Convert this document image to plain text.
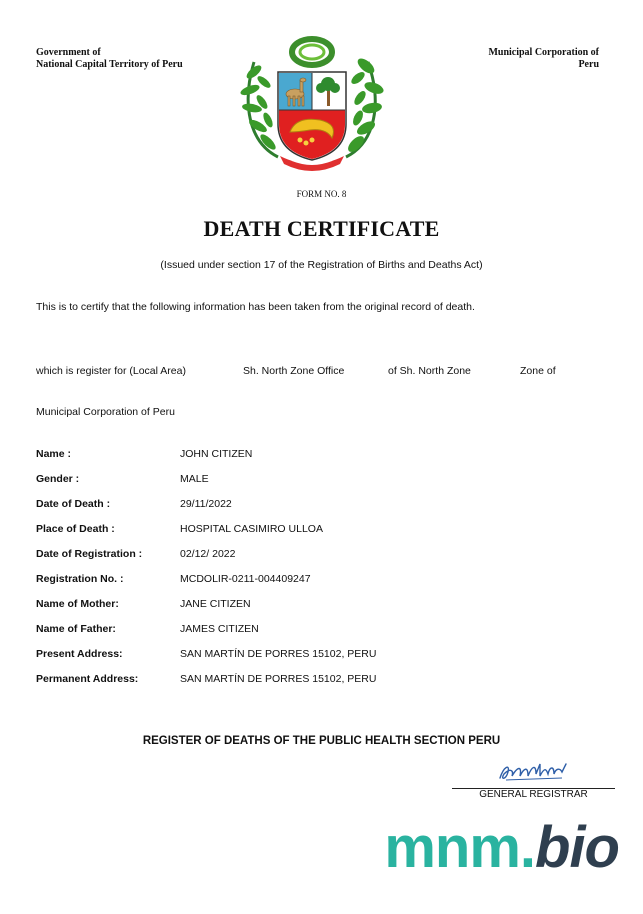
Government of
National Capital Territory of Peru
Municipal Corporation of
Peru
FORM NO. 8
DEATH CERTIFICATE
(Issued under section 17 of the Registration of Births and Deaths Act)
This is to certify that the following information has been taken from the original record of death.
which is register for (Local Area)	Sh. North Zone Office	of Sh. North Zone	Zone of
Municipal Corporation of Peru
Name :	JOHN CITIZEN
Gender :	MALE
Date of Death :	29/11/2022
Place of Death :	HOSPITAL CASIMIRO ULLOA
Date of Registration :	02/12/ 2022
Registration No. :	MCDOLIR-0211-004409247
Name of Mother:	JANE CITIZEN
Name of Father:	JAMES CITIZEN
Present Address:	SAN MARTÍN DE PORRES 15102, PERU
Permanent Address:	SAN MARTÍN DE PORRES 15102, PERU
REGISTER OF DEATHS OF THE PUBLIC HEALTH SECTION PERU
GENERAL REGISTRAR
mnm.bio
